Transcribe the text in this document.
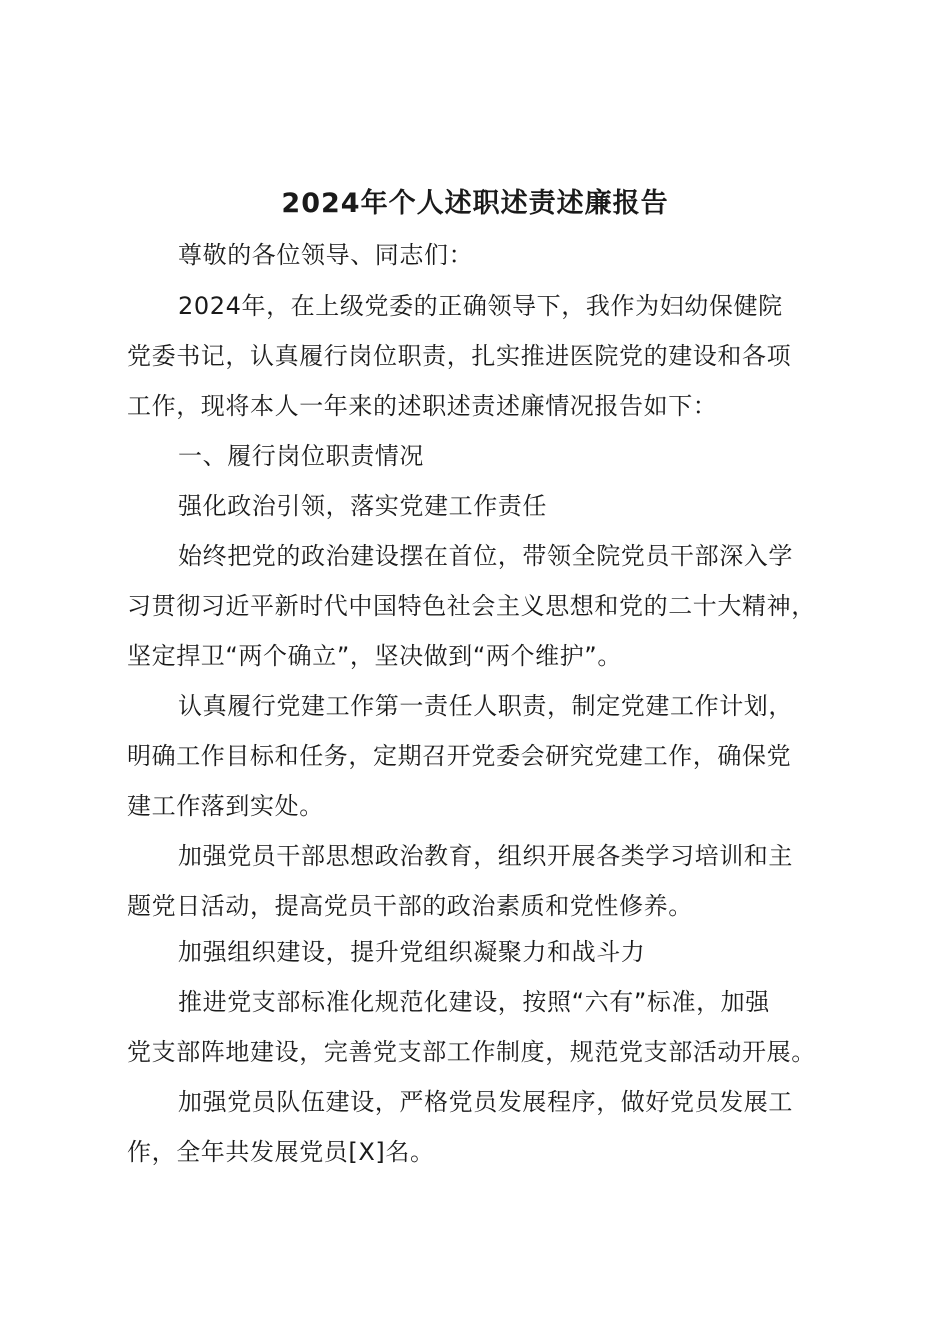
2024年个人述职述责述廉报告

尊敬的各位领导、同志们：

2024年，在上级党委的正确领导下，我作为妇幼保健院

党委书记，认真履行岗位职责，扎实推进医院党的建设和各项

工作，现将本人一年来的述职述责述廉情况报告如下：

一、履行岗位职责情况

强化政治引领，落实党建工作责任

始终把党的政治建设摆在首位，带领全院党员干部深入学

习贯彻习近平新时代中国特色社会主义思想和党的二十大精神，

坚定捍卫“两个确立”，坚决做到“两个维护”。

认真履行党建工作第一责任人职责，制定党建工作计划，

明确工作目标和任务，定期召开党委会研究党建工作，确保党

建工作落到实处。

加强党员干部思想政治教育，组织开展各类学习培训和主

题党日活动，提高党员干部的政治素质和党性修养。

加强组织建设，提升党组织凝聚力和战斗力

推进党支部标准化规范化建设，按照“六有”标准，加强

党支部阵地建设，完善党支部工作制度，规范党支部活动开展。

加强党员队伍建设，严格党员发展程序，做好党员发展工

作，全年共发展党员[X]名。
